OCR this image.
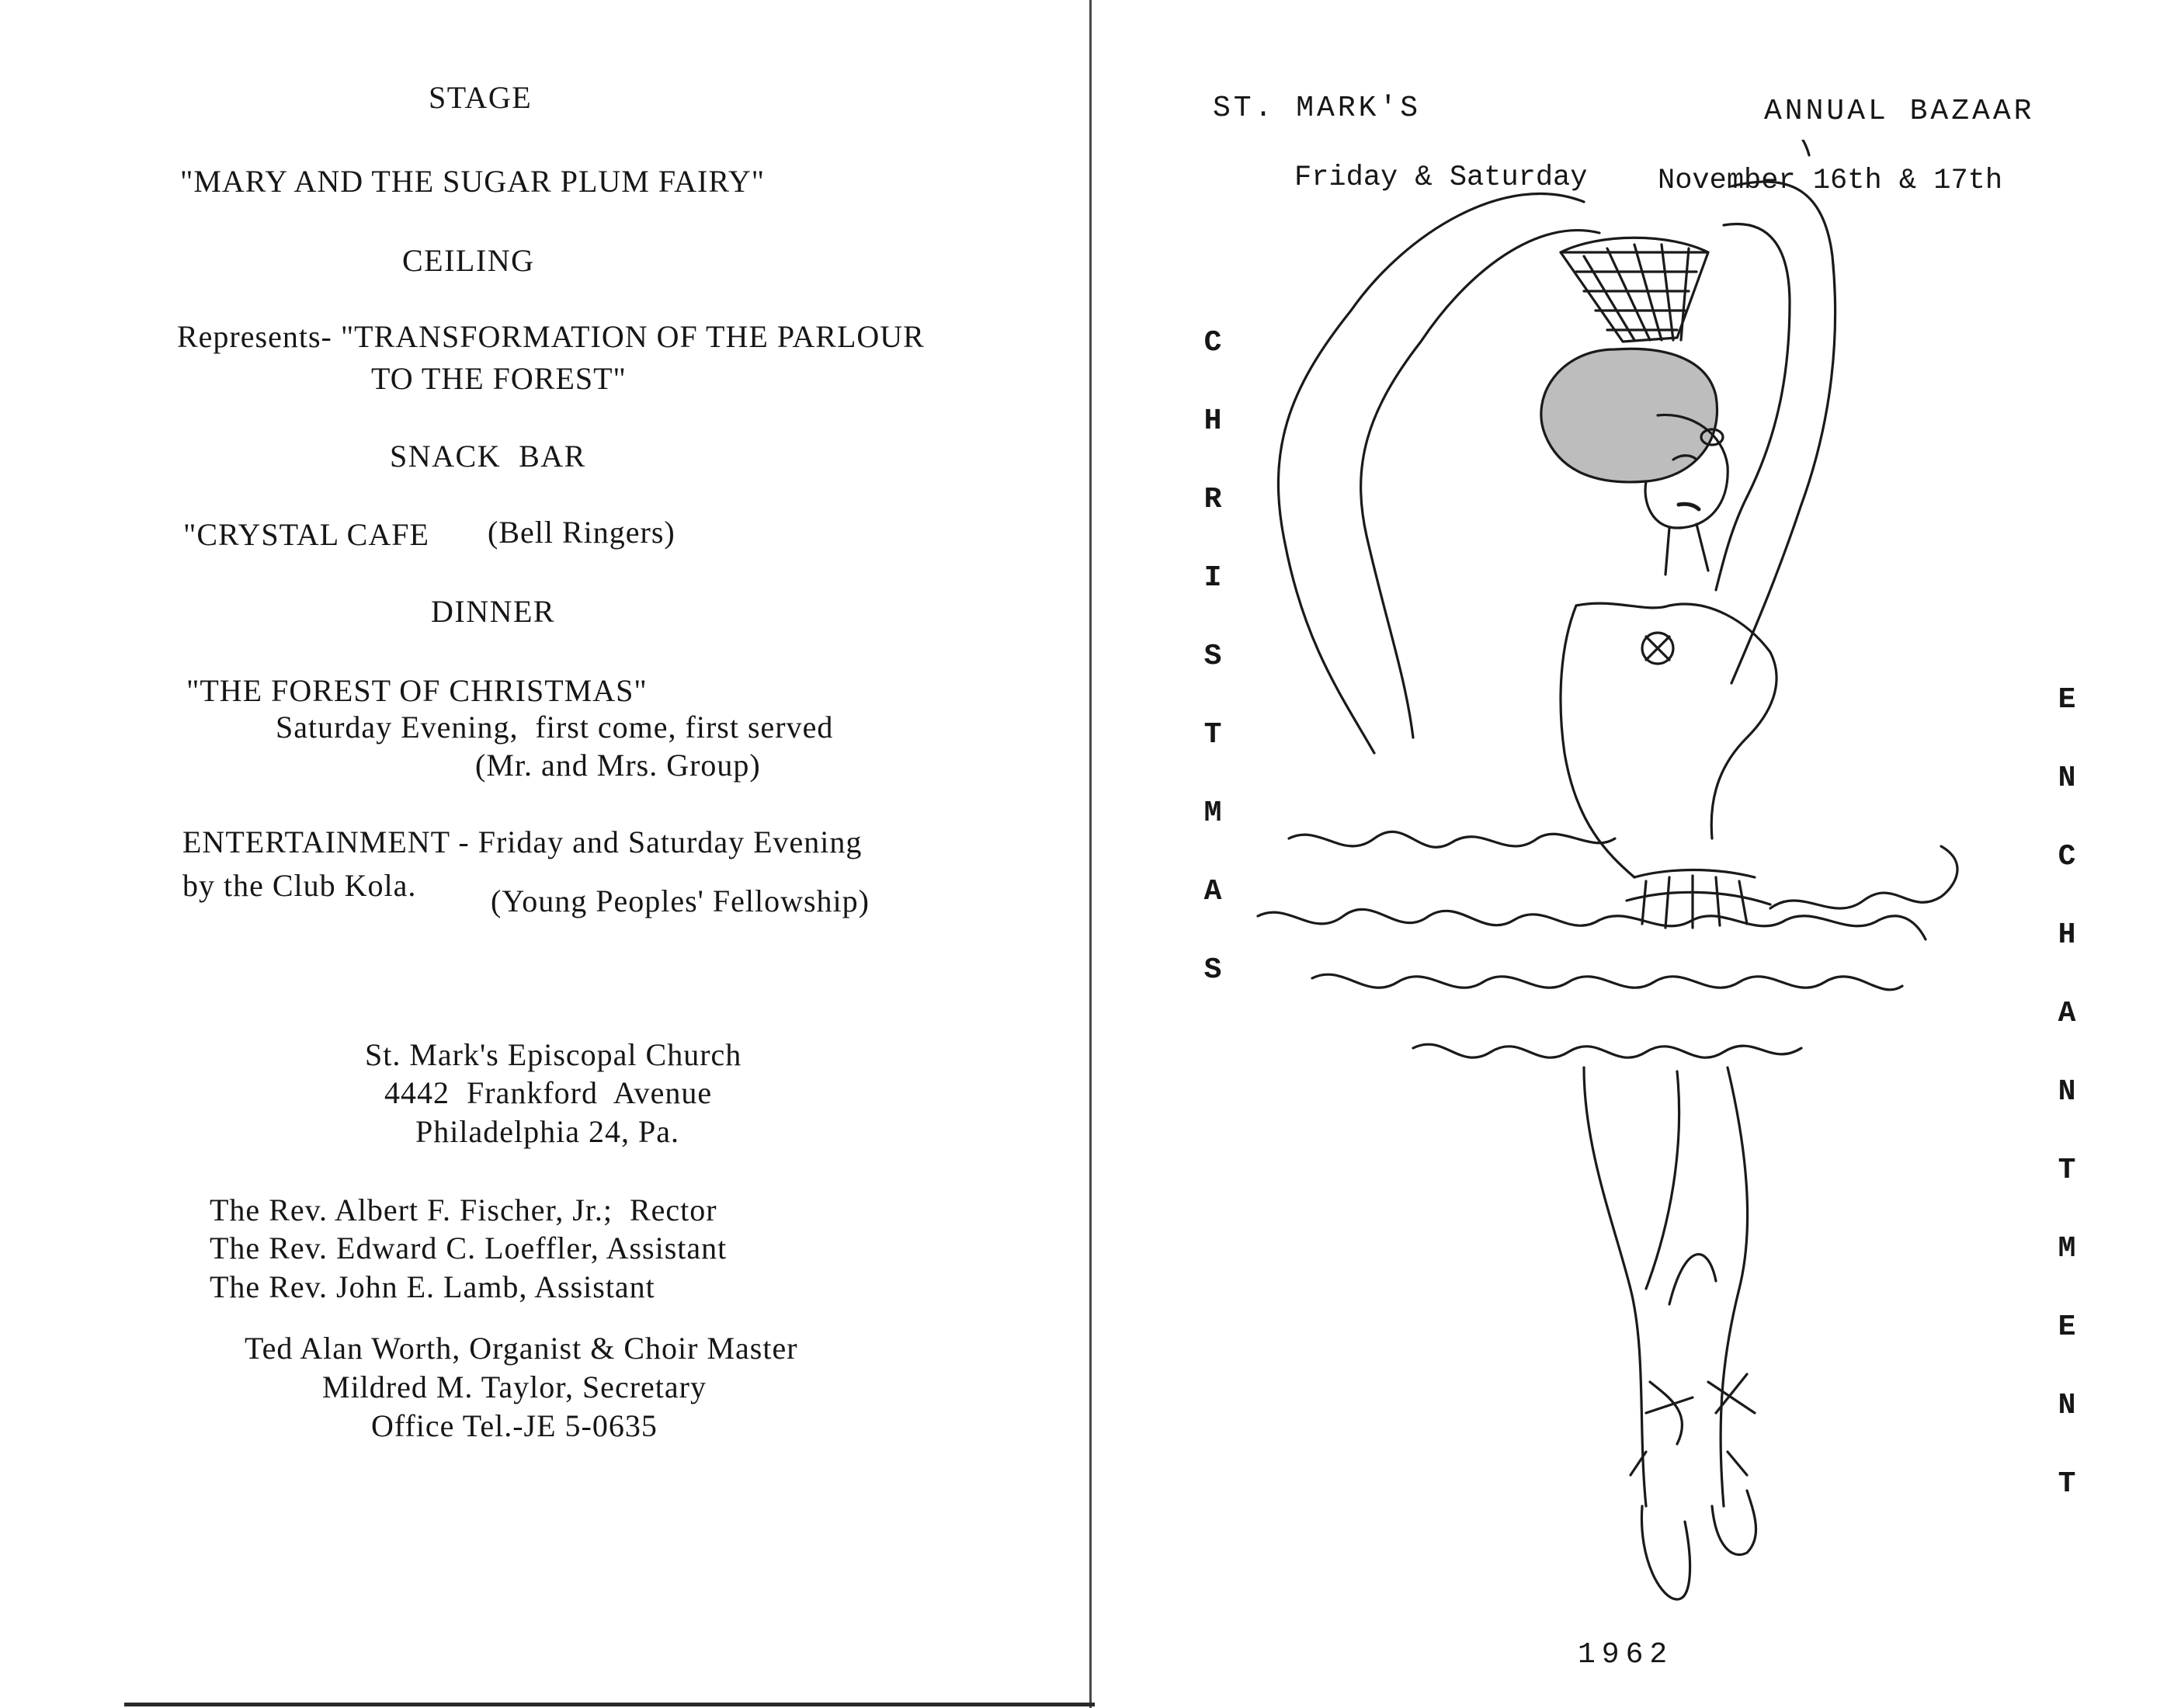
STAGE
"MARY AND THE SUGAR PLUM FAIRY"
CEILING
Represents- "TRANSFORMATION OF THE PARLOUR
TO THE FOREST"
SNACK  BAR
"CRYSTAL CAFE (Bell Ringers)
DINNER
"THE FOREST OF CHRISTMAS"
Saturday Evening,  first come, first served
(Mr. and Mrs. Group)
ENTERTAINMENT - Friday and Saturday Evening
by the Club Kola. (Young Peoples' Fellowship)
St. Mark's Episcopal Church
4442  Frankford  Avenue
Philadelphia 24, Pa.
The Rev. Albert F. Fischer, Jr.;  Rector
The Rev. Edward C. Loeffler, Assistant
The Rev. John E. Lamb, Assistant
Ted Alan Worth, Organist & Choir Master
Mildred M. Taylor, Secretary
Office Tel.-JE 5-0635
ST. MARK'S	ANNUAL BAZAAR
Friday & Saturday November 16th & 17th
C
H
R
I
S
T
M
A
S
E
N
C
H
A
N
T
M
E
N
T
1962
